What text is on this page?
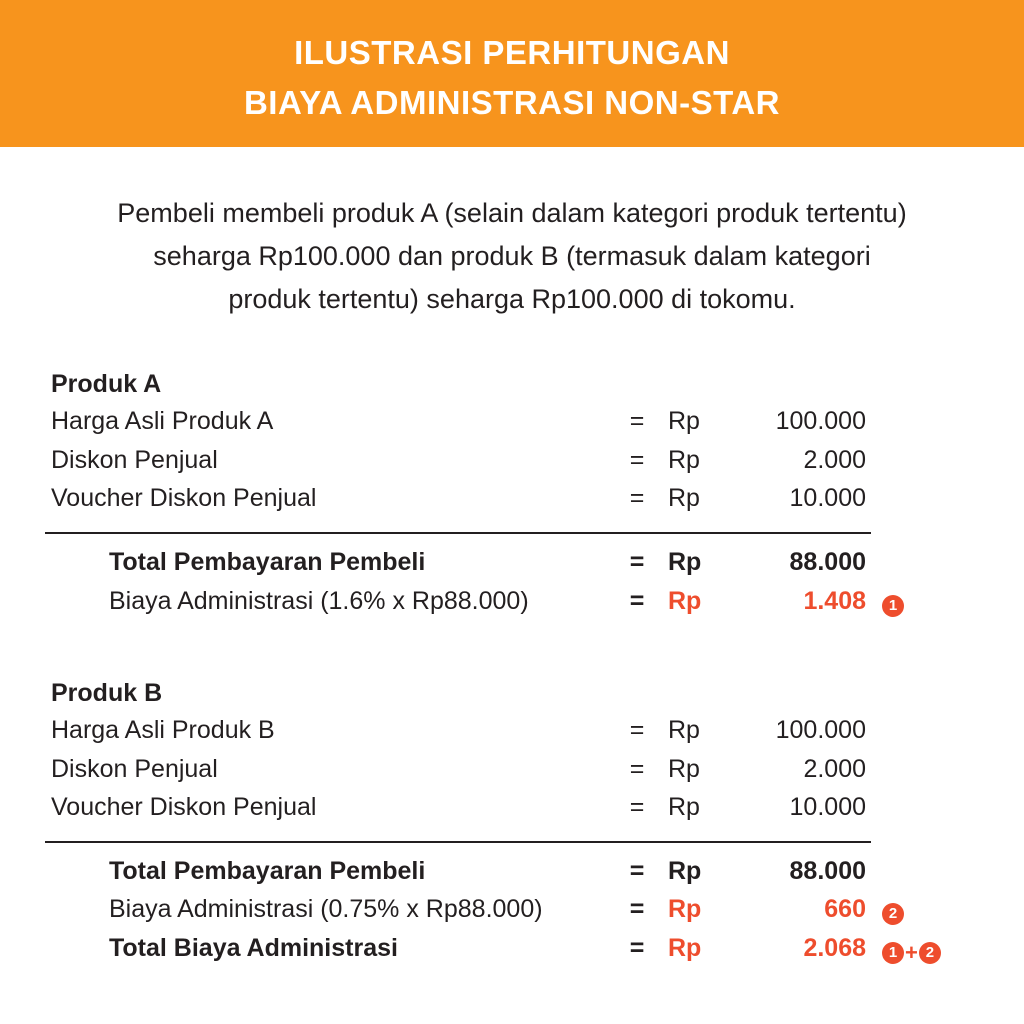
ILUSTRASI PERHITUNGAN
BIAYA ADMINISTRASI NON-STAR
Pembeli membeli produk A (selain dalam kategori produk tertentu)
seharga Rp100.000 dan produk B (termasuk dalam kategori
produk tertentu) seharga Rp100.000 di tokomu.
Produk A
Harga Asli Produk A	= Rp	100.000
Diskon Penjual	= Rp	2.000
Voucher Diskon Penjual	= Rp	10.000
Total Pembayaran Pembeli	= Rp	88.000
Biaya Administrasi (1.6% x Rp88.000)	= Rp	1.408	1
Produk B
Harga Asli Produk B	= Rp	100.000
Diskon Penjual	= Rp	2.000
Voucher Diskon Penjual	= Rp	10.000
Total Pembayaran Pembeli	= Rp	88.000
Biaya Administrasi (0.75% x Rp88.000)	= Rp	660	2
Total Biaya Administrasi	= Rp	2.068	1 + 2
